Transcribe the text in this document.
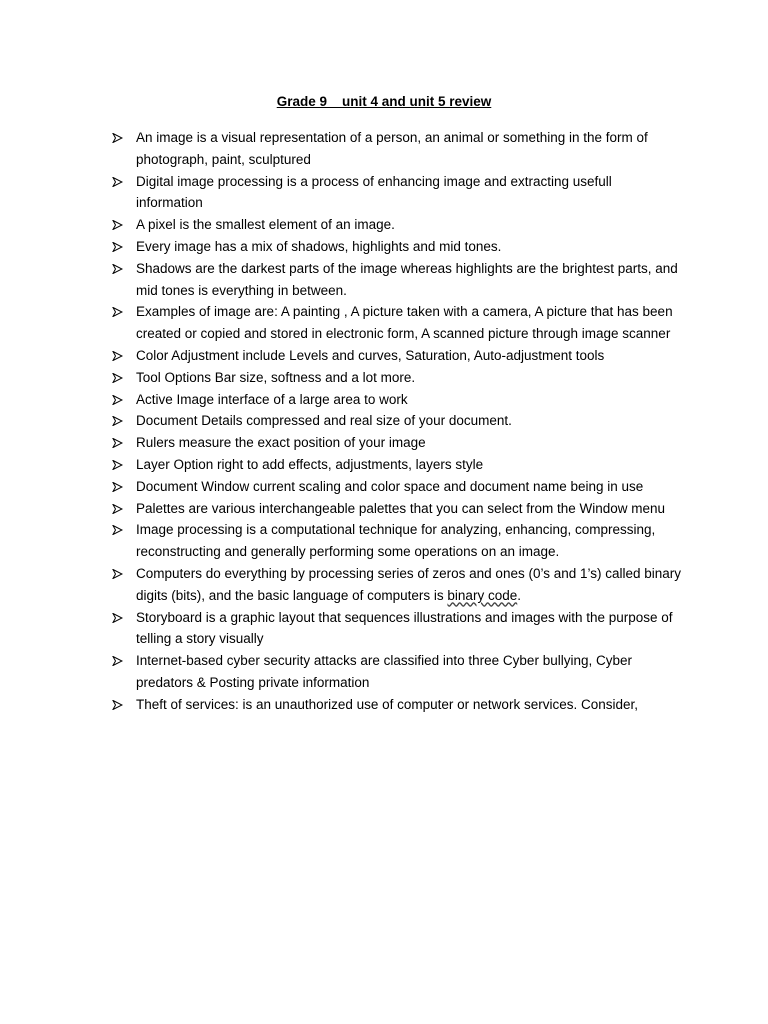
Grade 9    unit 4 and unit 5 review
An image is a visual representation of a person, an animal or something in the form of photograph, paint, sculptured
Digital image processing is a process of enhancing image and extracting usefull information
A pixel is the smallest element of an image.
Every image has a mix of shadows, highlights and mid tones.
Shadows are the darkest parts of the image whereas highlights are the brightest parts, and mid tones is everything in between.
Examples of image are: A painting , A picture taken with a camera, A picture that has been created or copied and stored in electronic form, A scanned picture through image scanner
Color Adjustment include Levels and curves, Saturation, Auto-adjustment tools
Tool Options Bar size, softness and a lot more.
Active Image interface of a large area to work
Document Details compressed and real size of your document.
Rulers measure the exact position of your image
Layer Option right to add effects, adjustments, layers style
Document Window current scaling and color space and document name being in use
Palettes are various interchangeable palettes that you can select from the Window menu
Image processing is a computational technique for analyzing, enhancing, compressing, reconstructing and generally performing some operations on an image.
Computers do everything by processing series of zeros and ones (0’s and 1’s) called binary digits (bits), and the basic language of computers is binary code.
Storyboard is a graphic layout that sequences illustrations and images with the purpose of telling a story visually
Internet-based cyber security attacks are classified into three Cyber bullying, Cyber predators & Posting private information
Theft of services: is an unauthorized use of computer or network services. Consider,
